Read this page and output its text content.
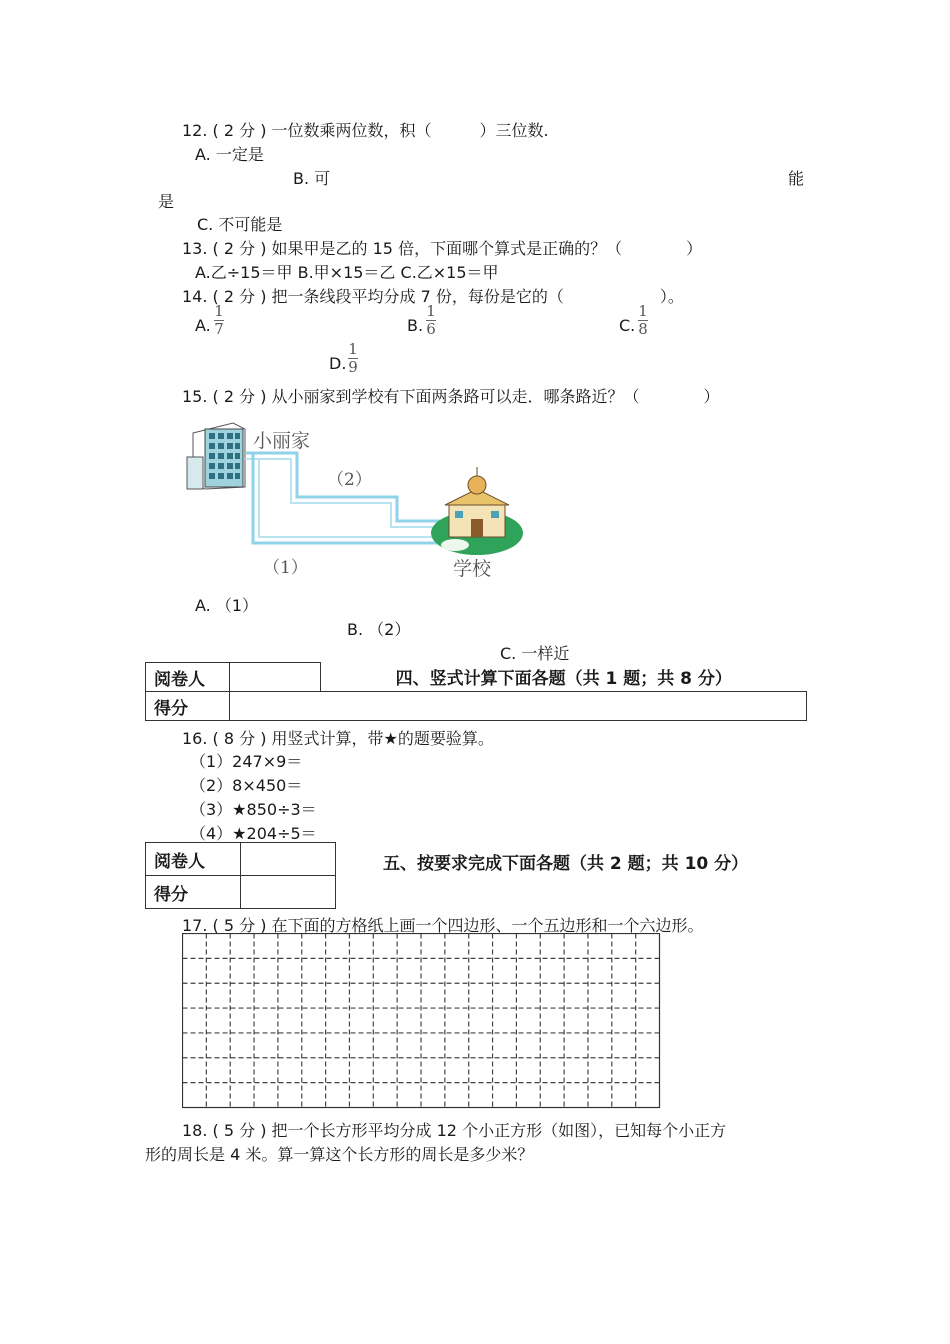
12. ( 2 分 ) 一位数乘两位数，积（　　　）三位数.
A. 一定是
B. 可	能
是
C. 不可能是
13. ( 2 分 ) 如果甲是乙的 15 倍，下面哪个算式是正确的？（　　　　）
A.乙÷15＝甲 B.甲×15＝乙 C.乙×15＝甲
14. ( 2 分 ) 把一条线段平均分成 7 份，每份是它的（　　　　　　）。
A.
1
7	B.
1
6	C.
1
8
D.
1
9
15. ( 2 分 ) 从小丽家到学校有下面两条路可以走．哪条路近？（　　　　）
小丽家
（2）
（1）	学校
A. （1）
B. （2）
C. 一样近
阅卷人		四、竖式计算下面各题（共 1 题；共 8 分）
得分		
16. ( 8 分 ) 用竖式计算，带★的题要验算。
（1）247×9＝
（2）8×450＝
（3）★850÷3＝
（4）★204÷5＝
阅卷人	
得分	
五、按要求完成下面各题（共 2 题；共 10 分）
17. ( 5 分 ) 在下面的方格纸上画一个四边形、一个五边形和一个六边形。
18. ( 5 分 ) 把一个长方形平均分成 12 个小正方形（如图），已知每个小正方
形的周长是 4 米。算一算这个长方形的周长是多少米？
